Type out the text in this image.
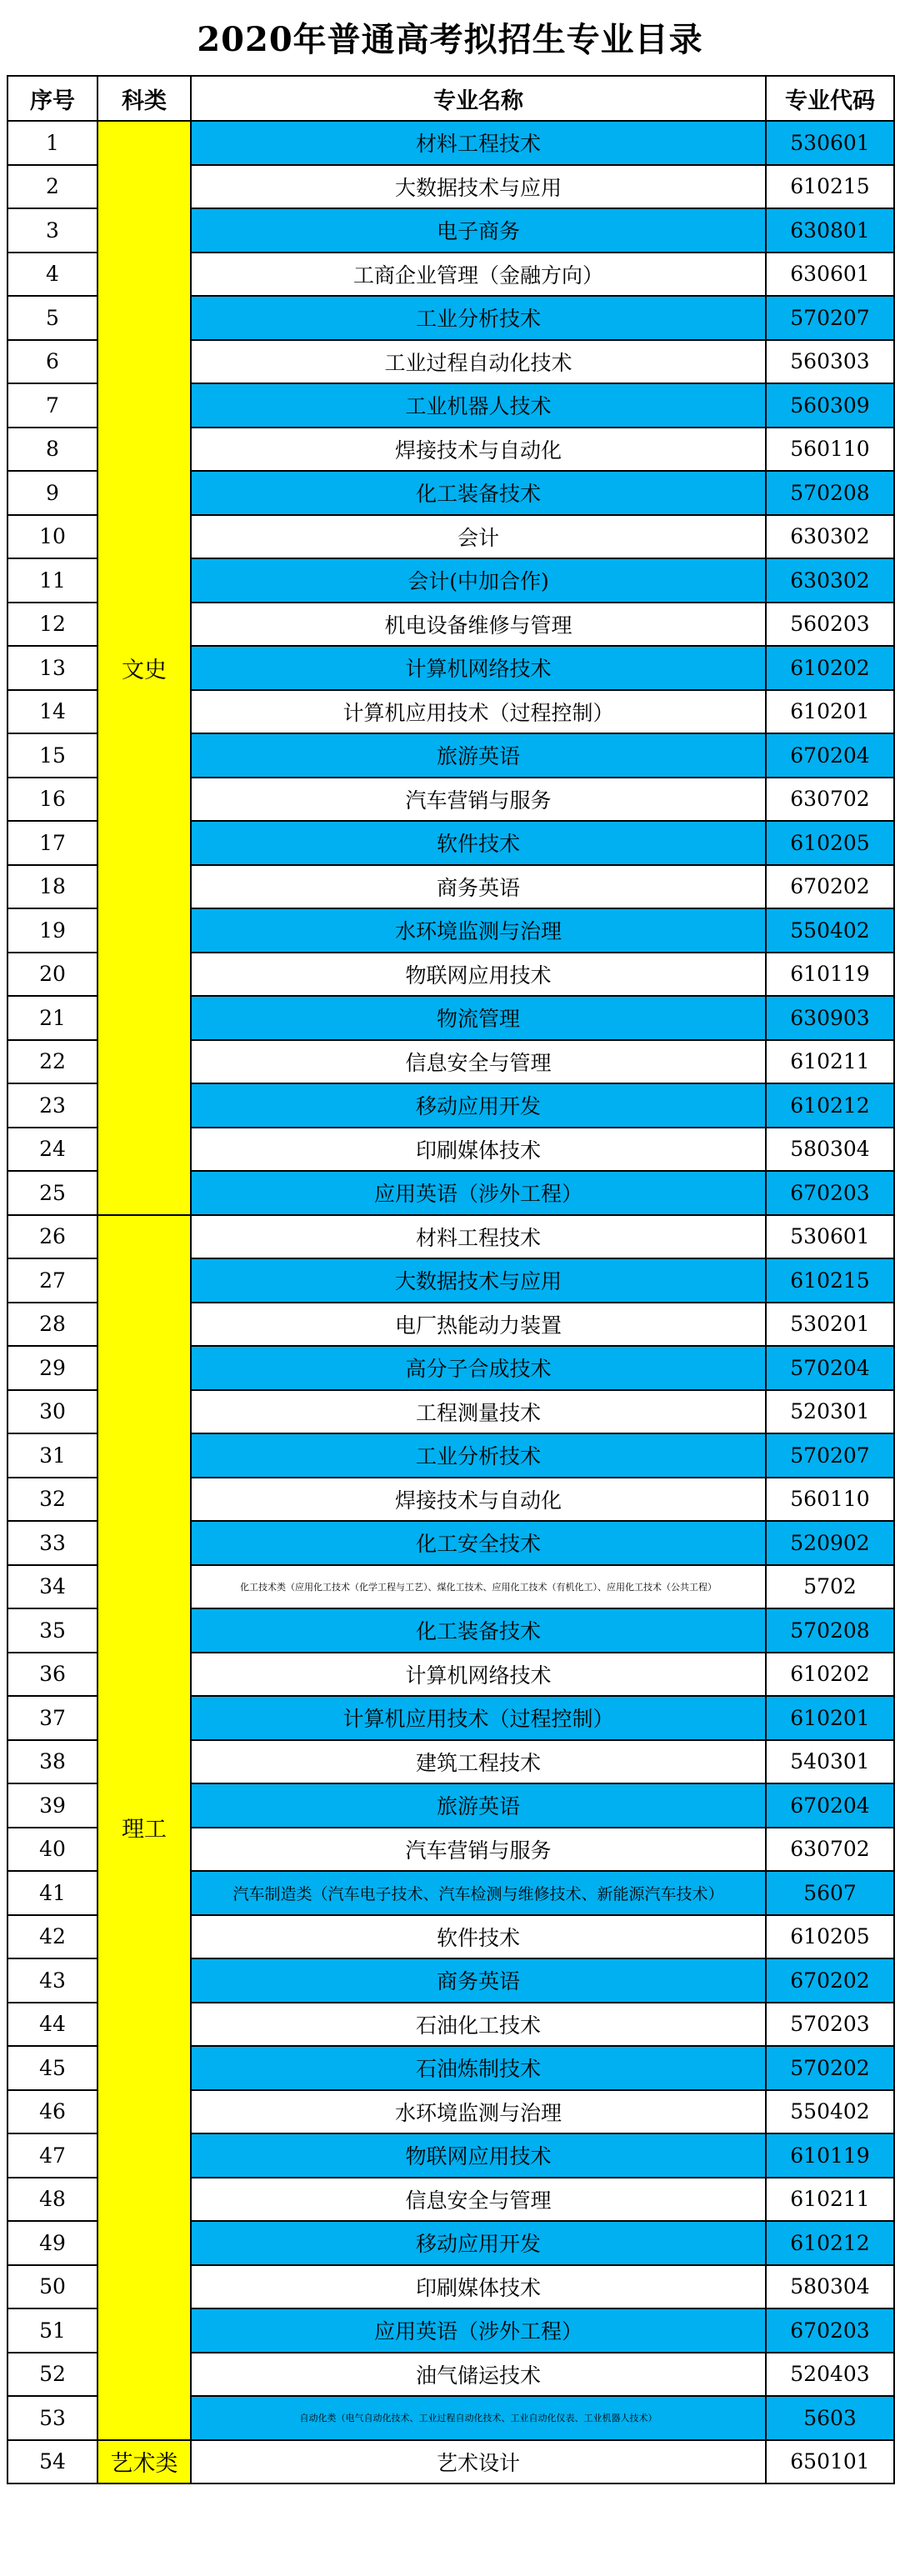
2020年普通高考拟招生专业目录
序号	科类	专业名称	专业代码
1	文史	材料工程技术	530601
2		大数据技术与应用	610215
3		电子商务	630801
4		工商企业管理（金融方向）	630601
5		工业分析技术	570207
6		工业过程自动化技术	560303
7		工业机器人技术	560309
8		焊接技术与自动化	560110
9		化工装备技术	570208
10		会计	630302
11		会计(中加合作)	630302
12		机电设备维修与管理	560203
13		计算机网络技术	610202
14		计算机应用技术（过程控制）	610201
15		旅游英语	670204
16		汽车营销与服务	630702
17		软件技术	610205
18		商务英语	670202
19		水环境监测与治理	550402
20		物联网应用技术	610119
21		物流管理	630903
22		信息安全与管理	610211
23		移动应用开发	610212
24		印刷媒体技术	580304
25		应用英语（涉外工程）	670203
26	理工	材料工程技术	530601
27		大数据技术与应用	610215
28		电厂热能动力装置	530201
29		高分子合成技术	570204
30		工程测量技术	520301
31		工业分析技术	570207
32		焊接技术与自动化	560110
33		化工安全技术	520902
34		化工技术类（应用化工技术（化学工程与工艺）、煤化工技术、应用化工技术（有机化工）、应用化工技术（公共工程）	5702
35		化工装备技术	570208
36		计算机网络技术	610202
37		计算机应用技术（过程控制）	610201
38		建筑工程技术	540301
39		旅游英语	670204
40		汽车营销与服务	630702
41		汽车制造类（汽车电子技术、汽车检测与维修技术、新能源汽车技术）	5607
42		软件技术	610205
43		商务英语	670202
44		石油化工技术	570203
45		石油炼制技术	570202
46		水环境监测与治理	550402
47		物联网应用技术	610119
48		信息安全与管理	610211
49		移动应用开发	610212
50		印刷媒体技术	580304
51		应用英语（涉外工程）	670203
52		油气储运技术	520403
53		自动化类（电气自动化技术、工业过程自动化技术、工业自动化仪表、工业机器人技术）	5603
54	艺术类	艺术设计	650101
